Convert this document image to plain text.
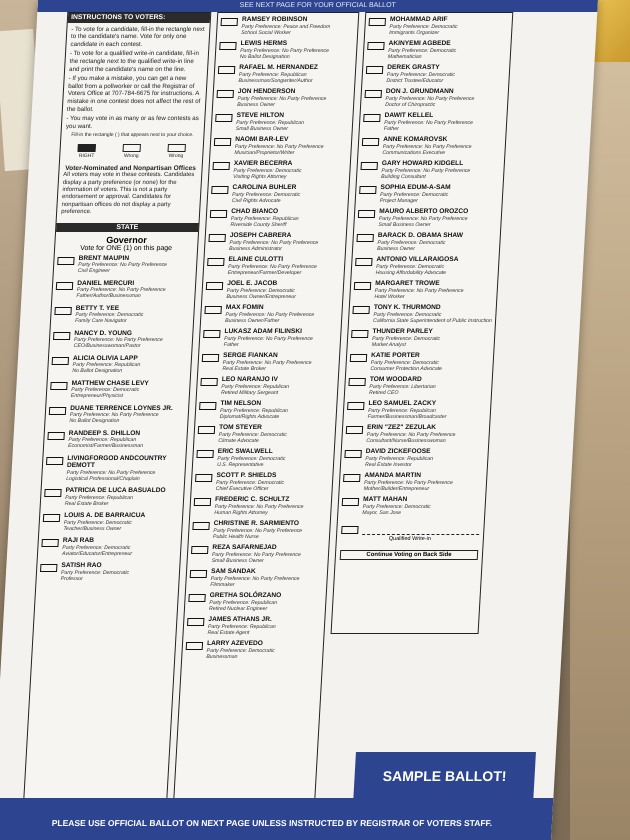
SEE NEXT PAGE FOR YOUR OFFICIAL BALLOT
INSTRUCTIONS TO VOTERS:

- To vote for a candidate, fill-in the rectangle next to the candidate's name. Vote for only one candidate in each contest.

- To vote for a qualified write-in candidate, fill-in the rectangle next to the qualified write-in line and print the candidate's name on the line.

- If you make a mistake, you can get a new ballot from a pollworker or call the Registrar of Voters Office at 707-784-6675 for instructions. A mistake in one contest does not affect the rest of the ballot.

- You may vote in as many or as few contests as you want.

Fill-in the rectangle ( ) that appears next to your choice.

RIGHT	Wrong	Wrong
Voter-Nominated and Nonpartisan Offices
All voters may vote in these contests. Candidates display a party preference (or none) for the information of voters. This is not a party endorsement or approval. Candidates for nonpartisan offices do not display a party preference.
STATE
Governor
Vote for ONE (1) on this page
BRENT MAUPIN
Party Preference: No Party Preference
Civil Engineer
DANIEL MERCURI
Party Preference: No Party Preference
Father/Author/Businessman
BETTY T. YEE
Party Preference: Democratic
Family Care Navigator
NANCY D. YOUNG
Party Preference: No Party Preference
CEO/Businesswoman/Pastor
ALICIA OLIVIA LAPP
Party Preference: Republican
No Ballot Designation
MATTHEW CHASE LEVY
Party Preference: Democratic
Entrepreneur/Physicist
DUANE TERRENCE LOYNES JR.
Party Preference: No Party Preference
No Ballot Designation
RANDEEP S. DHILLON
Party Preference: Republican
Economist/Farmer/Businessman
LIVINGFORGOD ANDCOUNTRY DEMOTT
Party Preference: No Party Preference
Logistical Professional/Chaplain
PATRICIA DE LUCA BASUALDO
Party Preference: Republican
Real Estate Broker
LOUIS A. DE BARRAICUA
Party Preference: Democratic
Teacher/Business Owner
RAJI RAB
Party Preference: Democratic
Aviator/Educator/Entrepreneur
SATISH RAO
Party Preference: Democratic
Professor
RAMSEY ROBINSON
Party Preference: Peace and Freedom
School Social Worker
LEWIS HERMS
Party Preference: No Party Preference
No Ballot Designation
RAFAEL M. HERNANDEZ
Party Preference: Republican
Businessman/Songwriter/Author
JON HENDERSON
Party Preference: No Party Preference
Business Owner
STEVE HILTON
Party Preference: Republican
Small Business Owner
NAOMI BAR-LEV
Party Preference: No Party Preference
Musician/Proprietor/Writer
XAVIER BECERRA
Party Preference: Democratic
Visiting Rights Attorney
CAROLINA BUHLER
Party Preference: Democratic
Civil Rights Advocate
CHAD BIANCO
Party Preference: Republican
Riverside County Sheriff
JOSEPH CABRERA
Party Preference: No Party Preference
Business Administrator
ELAINE CULOTTI
Party Preference: No Party Preference
Entrepreneur/Farmer/Developer
JOEL E. JACOB
Party Preference: Democratic
Business Owner/Entrepreneur
MAX FOMIN
Party Preference: No Party Preference
Business Owner/Father
LUKASZ ADAM FILINSKI
Party Preference: No Party Preference
Father
SERGE FIANKAN
Party Preference: No Party Preference
Real Estate Broker
LEO NARANJO IV
Party Preference: Republican
Retired Military Sergeant
TIM NELSON
Party Preference: Republican
Diplomat/Rights Advocate
TOM STEYER
Party Preference: Democratic
Climate Advocate
ERIC SWALWELL
Party Preference: Democratic
U.S. Representative
SCOTT P. SHIELDS
Party Preference: Democratic
Chief Executive Officer
FREDERIC C. SCHULTZ
Party Preference: No Party Preference
Human Rights Attorney
CHRISTINE R. SARMIENTO
Party Preference: No Party Preference
Public Health Nurse
REZA SAFARNEJAD
Party Preference: No Party Preference
Small Business Owner
SAM SANDAK
Party Preference: No Party Preference
Filmmaker
GRETHA SOLÓRZANO
Party Preference: Republican
Retired Nuclear Engineer
JAMES ATHANS JR.
Party Preference: Republican
Real Estate Agent
LARRY AZEVEDO
Party Preference: Democratic
Businessman
MOHAMMAD ARIF
Party Preference: Democratic
Immigrants Organizer
AKINYEMI AGBEDE
Party Preference: Democratic
Mathematician
DEREK GRASTY
Party Preference: Democratic
District Trustee/Educator
DON J. GRUNDMANN
Party Preference: No Party Preference
Doctor of Chiropractic
DAWIT KELLEL
Party Preference: No Party Preference
Father
ANNE KOMAROVSK
Party Preference: No Party Preference
Communications Executive
GARY HOWARD KIDGELL
Party Preference: No Party Preference
Building Consultant
SOPHIA EDUM-A-SAM
Party Preference: Democratic
Project Manager
MAURO ALBERTO OROZCO
Party Preference: No Party Preference
Small Business Owner
BARACK D. OBAMA SHAW
Party Preference: Democratic
Business Owner
ANTONIO VILLARAIGOSA
Party Preference: Democratic
Housing Affordability Advocate
MARGARET TROWE
Party Preference: No Party Preference
Hotel Worker
TONY K. THURMOND
Party Preference: Democratic
California State Superintendent of Public Instruction
THUNDER PARLEY
Party Preference: Democratic
Market Analyst
KATIE PORTER
Party Preference: Democratic
Consumer Protection Advocate
TOM WOODARD
Party Preference: Libertarian
Retired CEO
LEO SAMUEL ZACKY
Party Preference: Republican
Farmer/Businessman/Broadcaster
ERIN "ZEZ" ZEZULAK
Party Preference: No Party Preference
Consultant/Nurse/Businesswoman
DAVID ZICKEFOOSE
Party Preference: Republican
Real Estate Investor
AMANDA MARTIN
Party Preference: No Party Preference
Mother/Builder/Entrepreneur
MATT MAHAN
Party Preference: Democratic
Mayor, San Jose
Qualified Write-in
Continue Voting on Back Side
SAMPLE BALLOT!
PLEASE USE OFFICIAL BALLOT ON NEXT PAGE UNLESS INSTRUCTED BY REGISTRAR OF VOTERS STAFF.
